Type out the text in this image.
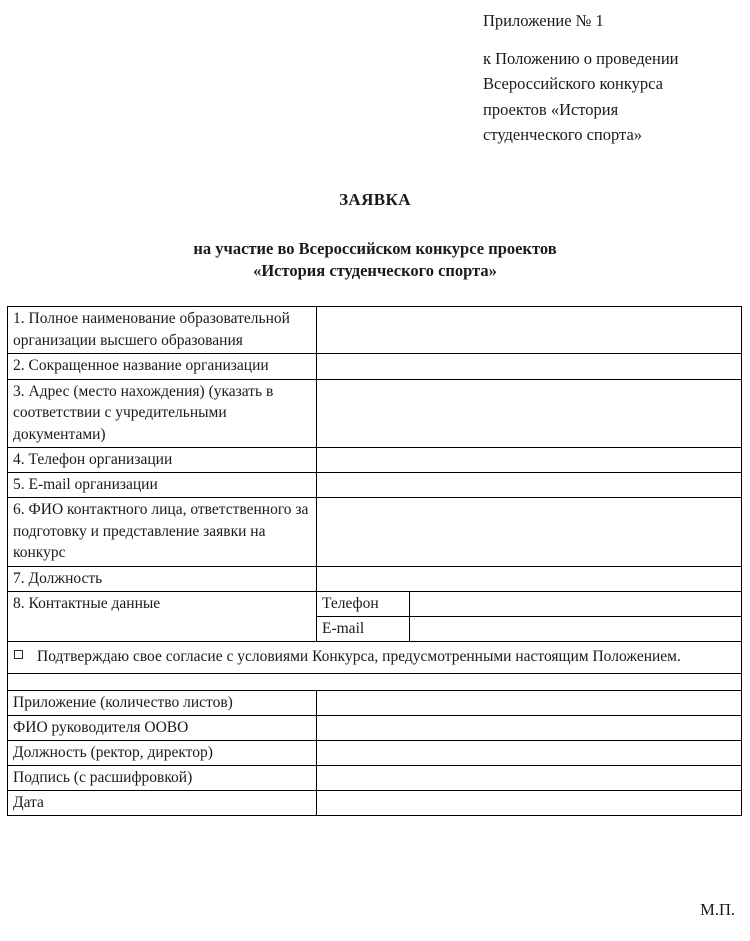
Приложение № 1
к Положению о проведении
Всероссийского конкурса
проектов «История
студенческого спорта»
ЗАЯВКА
на участие во Всероссийском конкурсе проектов
«История студенческого спорта»
1. Полное наименование образовательной организации высшего образования		
2. Сокращенное название организации		
3. Адрес (место нахождения) (указать в соответствии с учредительными документами)		
4. Телефон организации		
5. E-mail организации		
6. ФИО контактного лица, ответственного за подготовку и представление заявки на конкурс		
7. Должность		
8. Контактные данные	Телефон	
	E-mail	
Подтверждаю свое согласие с условиями Конкурса, предусмотренными настоящим Положением.		

Приложение (количество листов)		
ФИО руководителя ООВО		
Должность (ректор, директор)		
Подпись (с расшифровкой)		
Дата		
М.П.
